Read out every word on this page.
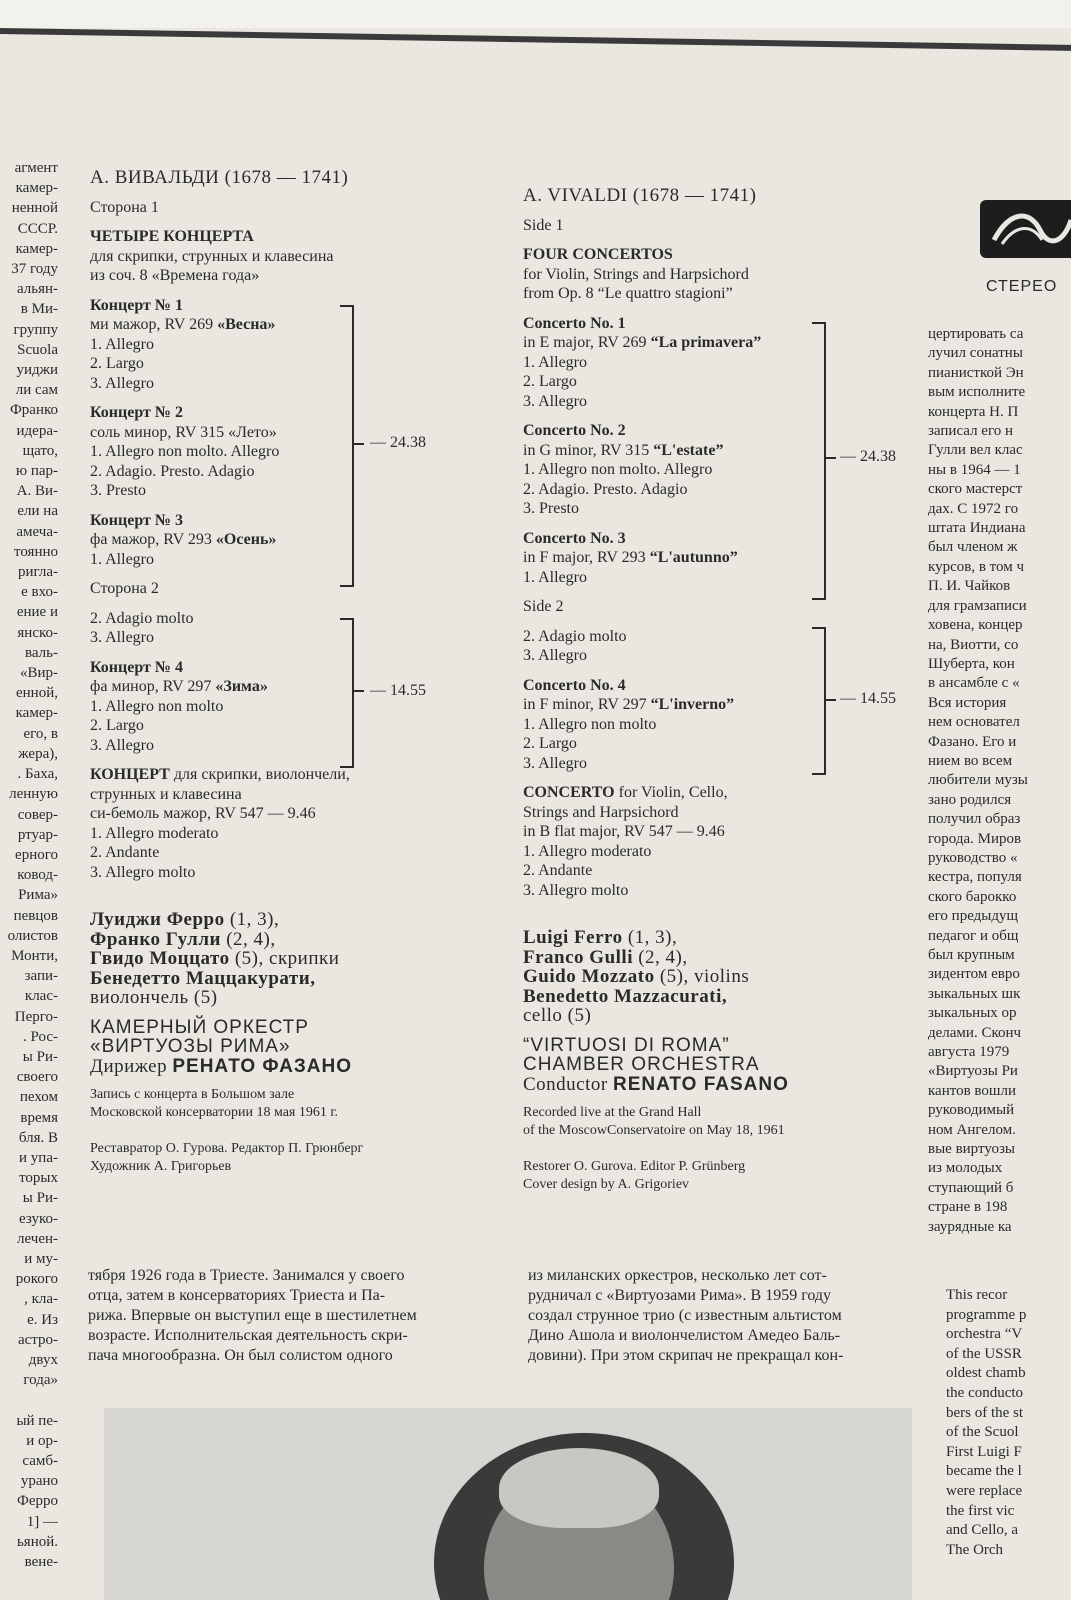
агмент
камер-
ненной
СССР.
камер-
37 году
альян-
в Ми-
группу
Scuola
уиджи
ли сам
Франко
идера-
щато,
ю пар-
А. Ви-
ели на
амеча-
тоянно
ригла-
е вхо-
ение и
янско-
валь-
«Вир-
енной,
камер-
его, в
жера),
. Баха,
ленную
совер-
ртуар-
ерного
ковод-
Рима»
певцов
олистов
Монти,
запи-
клас-
Перго-
. Рос-
ы Ри-
своего
пехом
время
бля. В
и упа-
торых
ы Ри-
езуко-
лечен-
и му-
рокого
, кла-
е. Из
астро-
двух
года»

ый пе-
и ор-
самб-
урано
Ферро
1] —
ьяной.
вене-
А. ВИВАЛЬДИ (1678 — 1741)
Сторона 1
ЧЕТЫРЕ КОНЦЕРТА
для скрипки, струнных и клавесина
из соч. 8 «Времена года»
Концерт № 1
ми мажор, RV 269 «Весна»
1. Allegro
2. Largo
3. Allegro
Концерт № 2
соль минор, RV 315 «Лето»
1. Allegro non molto. Allegro
2. Adagio. Presto. Adagio
3. Presto
Концерт № 3
фа мажор, RV 293 «Осень»
1. Allegro
Сторона 2
2. Adagio molto
3. Allegro
Концерт № 4
фа минор, RV 297 «Зима»
1. Allegro non molto
2. Largo
3. Allegro
КОНЦЕРТ для скрипки, виолончели,
струнных и клавесина
си-бемоль мажор, RV 547 — 9.46
1. Allegro moderato
2. Andante
3. Allegro molto
Луиджи Ферро (1, 3),
Франко Гулли (2, 4),
Гвидо Моццато (5), скрипки
Бенедетто Маццакурати,
виолончель (5)
КАМЕРНЫЙ ОРКЕСТР
«ВИРТУОЗЫ РИМА»
Дирижер РЕНАТО ФАЗАНО
Запись с концерта в Большом зале
Московской консерватории 18 мая 1961 г.
Реставратор О. Гурова. Редактор П. Грюнберг
Художник А. Григорьев
— 24.38
— 14.55
A. VIVALDI (1678 — 1741)
Side 1
FOUR CONCERTOS
for Violin, Strings and Harpsichord
from Op. 8 “Le quattro stagioni”
Concerto No. 1
in E major, RV 269 “La primavera”
1. Allegro
2. Largo
3. Allegro
Concerto No. 2
in G minor, RV 315 “L'estate”
1. Allegro non molto. Allegro
2. Adagio. Presto. Adagio
3. Presto
Concerto No. 3
in F major, RV 293 “L'autunno”
1. Allegro
Side 2
2. Adagio molto
3. Allegro
Concerto No. 4
in F minor, RV 297 “L'inverno”
1. Allegro non molto
2. Largo
3. Allegro
CONCERTO for Violin, Cello,
Strings and Harpsichord
in B flat major, RV 547 — 9.46
1. Allegro moderato
2. Andante
3. Allegro molto
Luigi Ferro (1, 3),
Franco Gulli (2, 4),
Guido Mozzato (5), violins
Benedetto Mazzacurati,
cello (5)
“VIRTUOSI DI ROMA”
CHAMBER ORCHESTRA
Conductor RENATO FASANO
Recorded live at the Grand Hall
of the MoscowConservatoire on May 18, 1961
Restorer O. Gurova. Editor P. Grünberg
Cover design by A. Grigoriev
— 24.38
— 14.55
СТЕРЕО
цертировать са
лучил сонатны
пианисткой Эн
вым исполните
концерта Н. П
записал его н
Гулли вел клас
ны в 1964 — 1
ского мастерст
дах. С 1972 го
штата Индиана
был членом ж
курсов, в том ч
П. И. Чайков
для грамзаписи
ховена, концер
на, Виотти, со
Шуберта, кон
в ансамбле с «
Вся история
нем основател
Фазано. Его и
нием во всем
любители музы
зано родился
получил образ
города. Миров
руководство «
кестра, популя
ского барокко
его предыдущ
педагог и общ
был крупным
зидентом евро
зыкальных шк
зыкальных ор
делами. Сконч
августа 1979
«Виртуозы Ри
кантов вошли
руководимый
ном Ангелом.
вые виртуозы
из молодых
ступающий б
стране в 198
заурядные ка
тября 1926 года в Триесте. Занимался у своего
отца, затем в консерваториях Триеста и Па-
рижа. Впервые он выступил еще в шестилетнем
возрасте. Исполнительская деятельность скри-
пача многообразна. Он был солистом одного
из миланских оркестров, несколько лет сот-
рудничал с «Виртуозами Рима». В 1959 году
создал струнное трио (с известным альтистом
Дино Ашола и виолончелистом Амедео Баль-
довини). При этом скрипач не прекращал кон-
This recor
programme p
orchestra “V
of the USSR
oldest chamb
the conducto
bers of the st
of the Scuol
First Luigi F
became the l
were replace
the first vic
and Cello, a
The Orch
